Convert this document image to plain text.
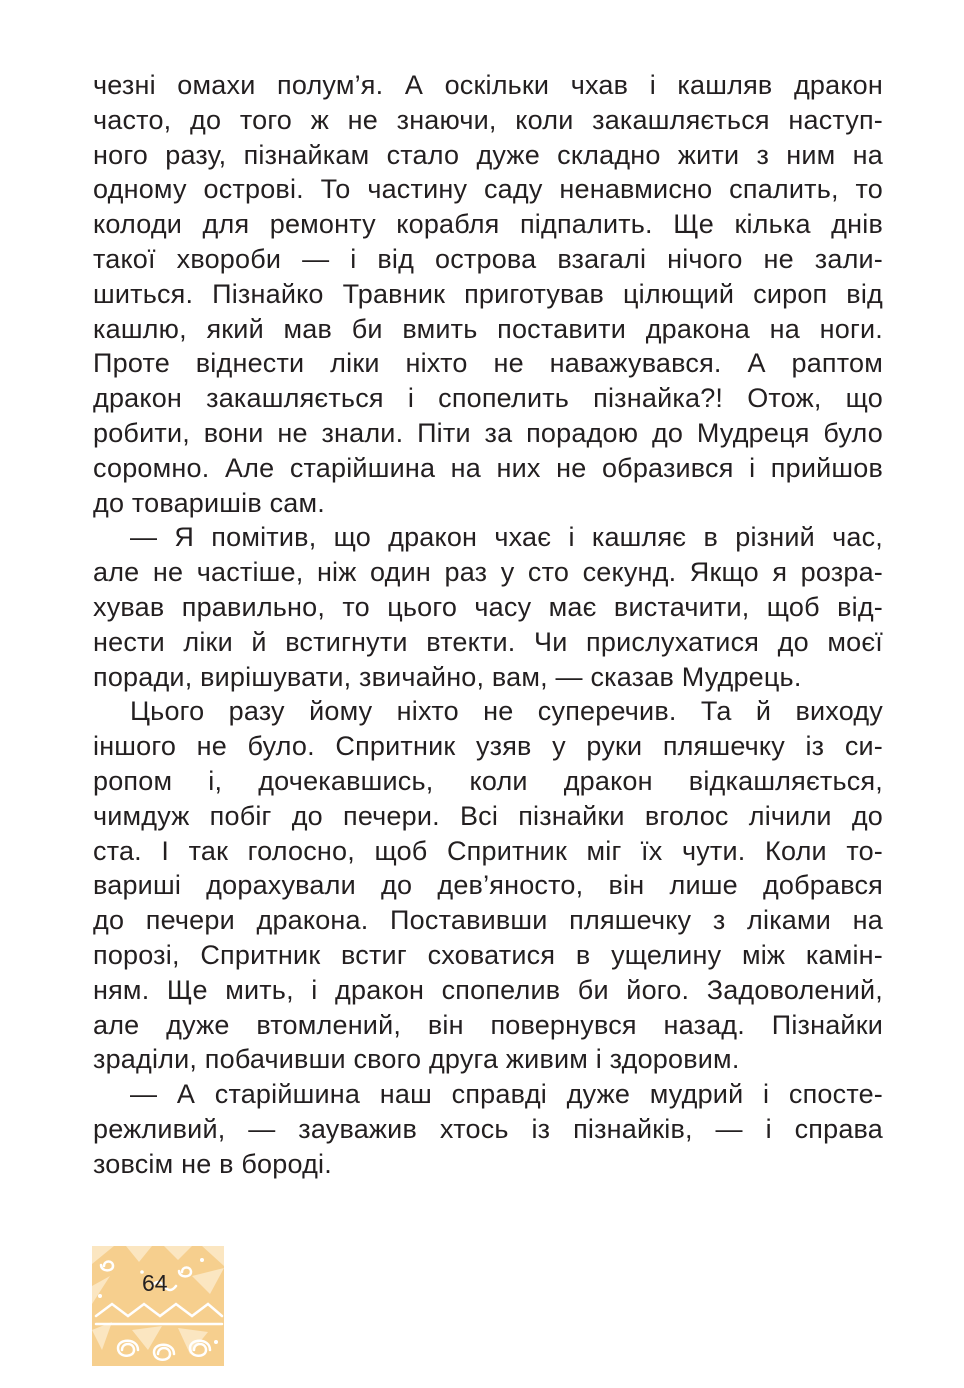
чезні омахи полум’я. А оскільки чхав і кашляв дракон
часто, до того ж не знаючи, коли закашляється наступ-
ного разу, пізнайкам стало дуже складно жити з ним на
одному острові. То частину саду ненавмисно спалить, то
колоди для ремонту корабля підпалить. Ще кілька днів
такої хвороби — і від острова взагалі нічого не зали-
шиться. Пізнайко Травник приготував цілющий сироп від
кашлю, який мав би вмить поставити дракона на ноги.
Проте віднести ліки ніхто не наважувався. А раптом
дракон закашляється і спопелить пізнайка?! Отож, що
робити, вони не знали. Піти за порадою до Мудреця було
соромно. Але старійшина на них не образився і прийшов
до товаришів сам.
— Я помітив, що дракон чхає і кашляє в різний час,
але не частіше, ніж один раз у сто секунд. Якщо я розра-
хував правильно, то цього часу має вистачити, щоб від-
нести ліки й встигнути втекти. Чи прислухатися до моєї
поради, вирішувати, звичайно, вам, — сказав Мудрець.
Цього разу йому ніхто не суперечив. Та й виходу
іншого не було. Спритник узяв у руки пляшечку із си-
ропом і, дочекавшись, коли дракон відкашляється,
чимдуж побіг до печери. Всі пізнайки вголос лічили до
ста. І так голосно, щоб Спритник міг їх чути. Коли то-
вариші дорахували до дев’яносто, він лише добрався
до печери дракона. Поставивши пляшечку з ліками на
порозі, Спритник встиг сховатися в ущелину між камін-
ням. Ще мить, і дракон спопелив би його. Задоволений,
але дуже втомлений, він повернувся назад. Пізнайки
зраділи, побачивши свого друга живим і здоровим.
— А старійшина наш справді дуже мудрий і спосте-
режливий, — зауважив хтось із пізнайків, — і справа
зовсім не в бороді.
64
